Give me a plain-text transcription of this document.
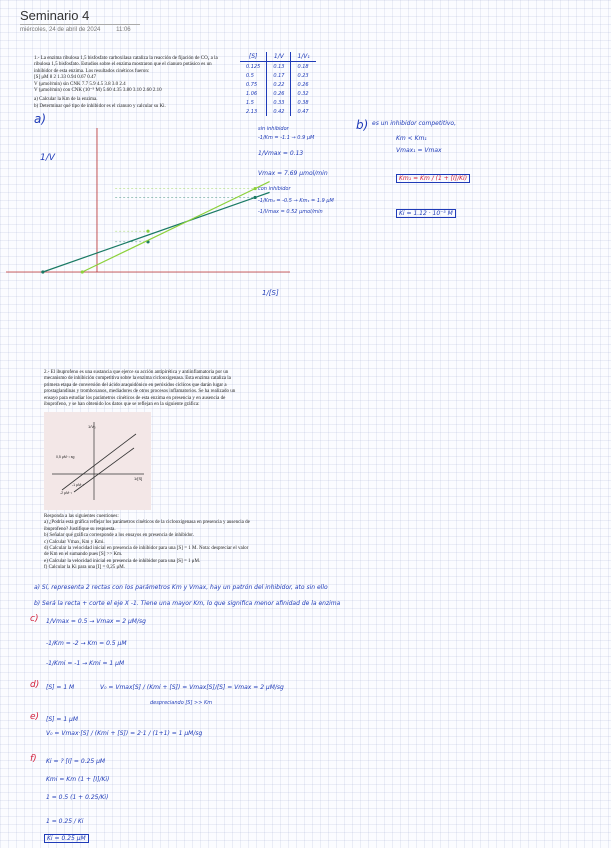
Seminario 4
miércoles, 24 de abril de 2024	11:06
1.- La enzima ribulosa 1,5 bisfosfato carboxilasa cataliza la reacción de fijación de CO₂ a la ribulosa 1,5 bisfosfato. Estudios sobre el enzima mostraron que el cianuro potásico es un inhibidor de esta enzima. Los resultados cinéticos fueron:
[S] μM 8 2 1.33 0.94 0.67 0.47
V (μmol/min) sin CNK 7.7 5.9 4.5 3.8 3.0 2.4
V (μmol/min) con CNK (10⁻⁵ M) 5.60 4.35 3.80 3.10 2.60 2.10
a) Calcular la Km de la enzima.
b) Determinar qué tipo de inhibidor es el cianuro y calcular su Ki.
a)	b)
[S]	1/V	1/V₁
0.125	0.13	0.18
0.5	0.17	0.23
0.75	0.22	0.26
1.06	0.26	0.32
1.5	0.33	0.38
2.13	0.42	0.47
sin inhibidor
-1/Km = -1.1 → 0.9 μM
1/Vmax = 0.13
Vmax = 7.69 μmol/min
con inhibidor
-1/Km₁ = -0.5 → Km₁ = 1.9 μM
-1/Vmax = 0.52 μmol/min
es un inhibidor competitivo,
Km < Km₁
Vmax₁ = Vmax
Km₁ = Km / (1 + [I]/Ki)
Ki = 1.12 · 10⁻⁵ M
1/V
1/[S]
2.- El ibuprofeno es una sustancia que ejerce su acción antipirética y antiinflamatoria por un mecanismo de inhibición competitiva sobre la enzima ciclooxigenasa. Esta enzima cataliza la primera etapa de conversión del ácido araquidónico en peróxidos cíclicos que darán lugar a prostaglandinas y tromboxanos, mediadores de otros procesos inflamatorios. Se ha realizado un ensayo para estudiar los parámetros cinéticos de esta enzima en presencia y en ausencia de ibuprofeno, y se han obtenido los datos que se reflejan en la siguiente gráfica:
1/V₀
1/[S]
0,5 μM⁻¹ sg
-1 μM⁻¹
-2 μM⁻¹
Responda a las siguientes cuestiones:
a) ¿Podría esta gráfica reflejar los parámetros cinéticos de la ciclooxigenasa en presencia y ausencia de ibuprofeno? Justifique su respuesta.
b) Señalar qué gráfica corresponde a los ensayos en presencia de inhibidor.
c) Calcular Vmax, Km y Kmi.
d) Calcular la velocidad inicial en presencia de inhibidor para una [S] = 1 M. Nota: despreciar el valor de Km en el sumando pues [S] >> Km.
e) Calcular la velocidad inicial en presencia de inhibidor para una [S] = 1 μM.
f) Calcular la Ki para una [I] = 0,25 μM.
a) Sí, representa 2 rectas con los parámetros Km y Vmax, hay un patrón del inhibidor, ato sin ello
b) Será la recta + corte el eje X -1. Tiene una mayor Km, lo que significa menor afinidad de la enzima
c) 1/Vmax = 0.5 → Vmax = 2 μM/sg
-1/Km = -2 → Km = 0.5 μM
-1/Kmi = -1 → Kmi = 1 μM
d) [S] = 1 M	V₀ = Vmax[S] / (Kmi + [S]) = Vmax[S]/[S] = Vmax = 2 μM/sg
despreciando [S] >> Km
e) [S] = 1 μM
V₀ = Vmax·[S] / (Kmi + [S]) = 2·1 / (1+1) = 1 μM/sg
f) Ki = ? [I] = 0.25 μM
Kmi = Km (1 + [I]/Ki)
1 = 0.5 (1 + 0.25/Ki)
1 = 0.25 / Ki
Ki = 0.25 μM
